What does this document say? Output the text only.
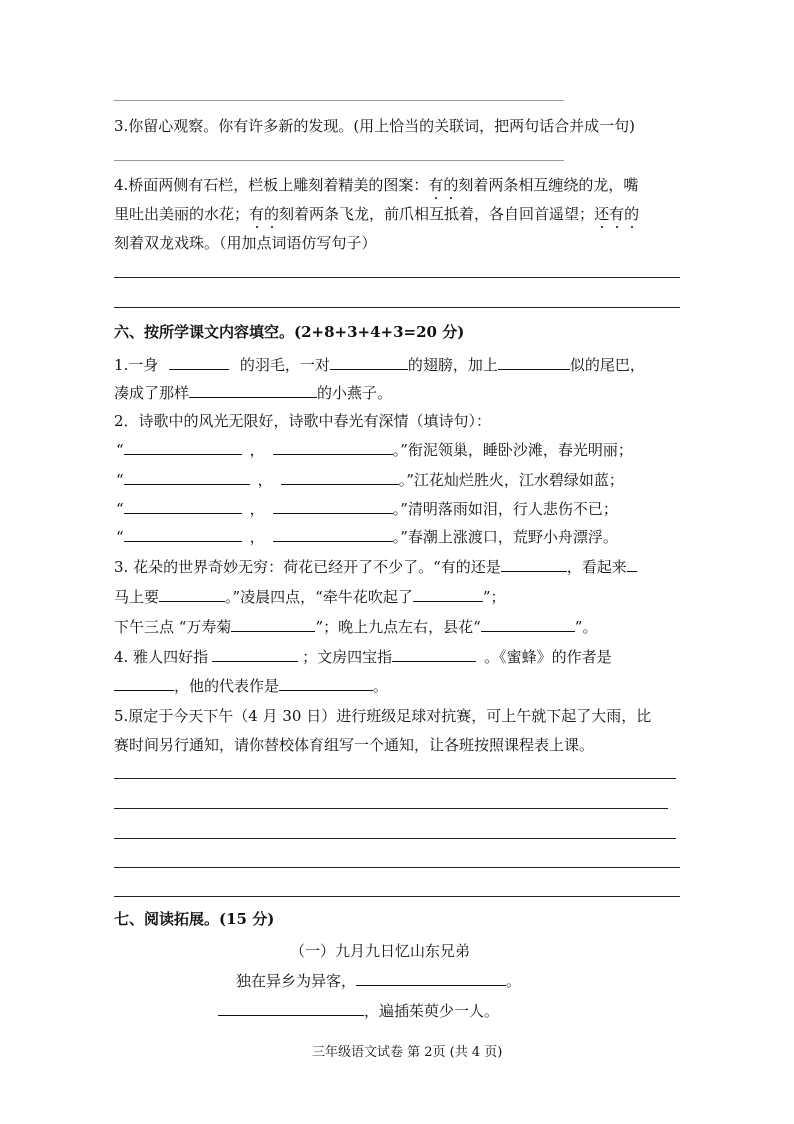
3.你留心观察。你有许多新的发现。(用上恰当的关联词，把两句话合并成一句)
4.桥面两侧有石栏，栏板上雕刻着精美的图案：有的刻着两条相互缠绕的龙，嘴
里吐出美丽的水花；有的刻着两条飞龙，前爪相互抵着，各自回首遥望；还有的
刻着双龙戏珠。（用加点词语仿写句子）
六、按所学课文内容填空。(2+8+3+4+3=20 分)
1.一身	的羽毛，一对	的翅膀，加上	似的尾巴，
凑成了那样	的小燕子。
2．诗歌中的风光无限好，诗歌中春光有深情（填诗句）：
“	，	。”衔泥领巢，睡卧沙滩，春光明丽；
“	，	。”江花灿烂胜火，江水碧绿如蓝；
“	，	。”清明落雨如泪，行人悲伤不已；
“	，	。”春潮上涨渡口，荒野小舟漂浮。
3. 花朵的世界奇妙无穷：荷花已经开了不少了。“有的还是	，看起来
马上要	。”凌晨四点，“牵牛花吹起了	”；
下午三点 “万寿菊	”；晚上九点左右，县花“	”。
4. 雅人四好指	；文房四宝指	。《蜜蜂》的作者是
，他的代表作是	。
5.原定于今天下午（4 月 30 日）进行班级足球对抗赛，可上午就下起了大雨，比
赛时间另行通知，请你替校体育组写一个通知，让各班按照课程表上课。
七、阅读拓展。(15 分)
（一）九月九日忆山东兄弟
独在异乡为异客，	。
，遍插茱萸少一人。
三年级语文试卷 第 2页 (共 4 页)
